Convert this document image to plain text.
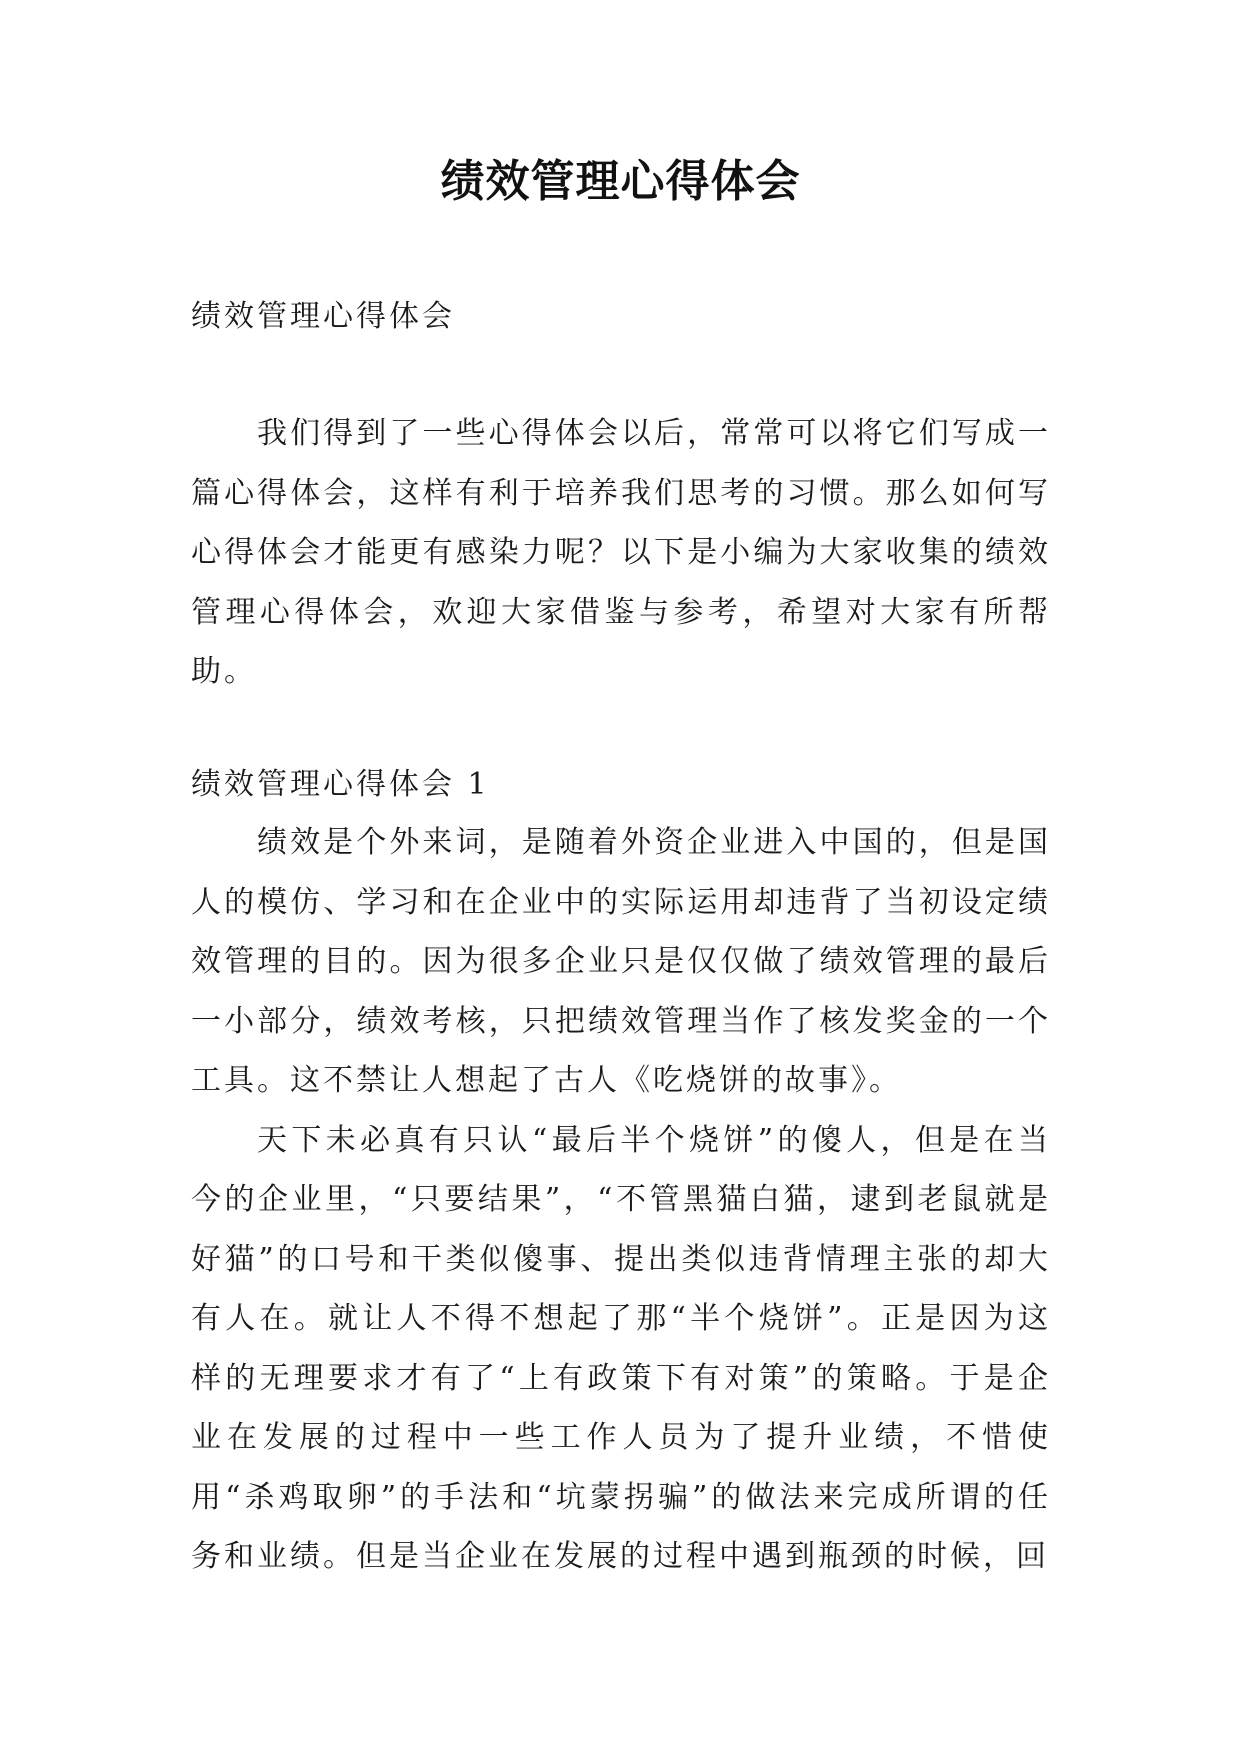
绩效管理心得体会
绩效管理心得体会

我们得到了一些心得体会以后，常常可以将它们写成一篇心得体会，这样有利于培养我们思考的习惯。那么如何写心得体会才能更有感染力呢？以下是小编为大家收集的绩效管理心得体会，欢迎大家借鉴与参考，希望对大家有所帮助。

绩效管理心得体会 1

绩效是个外来词，是随着外资企业进入中国的，但是国人的模仿、学习和在企业中的实际运用却违背了当初设定绩效管理的目的。因为很多企业只是仅仅做了绩效管理的最后一小部分，绩效考核，只把绩效管理当作了核发奖金的一个工具。这不禁让人想起了古人《吃烧饼的故事》。

天下未必真有只认“最后半个烧饼”的傻人，但是在当今的企业里，“只要结果”，“不管黑猫白猫，逮到老鼠就是好猫”的口号和干类似傻事、提出类似违背情理主张的却大有人在。就让人不得不想起了那“半个烧饼”。正是因为这样的无理要求才有了“上有政策下有对策”的策略。于是企业在发展的过程中一些工作人员为了提升业绩，不惜使用“杀鸡取卵”的手法和“坑蒙拐骗”的做法来完成所谓的任务和业绩。但是当企业在发展的过程中遇到瓶颈的时候，回
